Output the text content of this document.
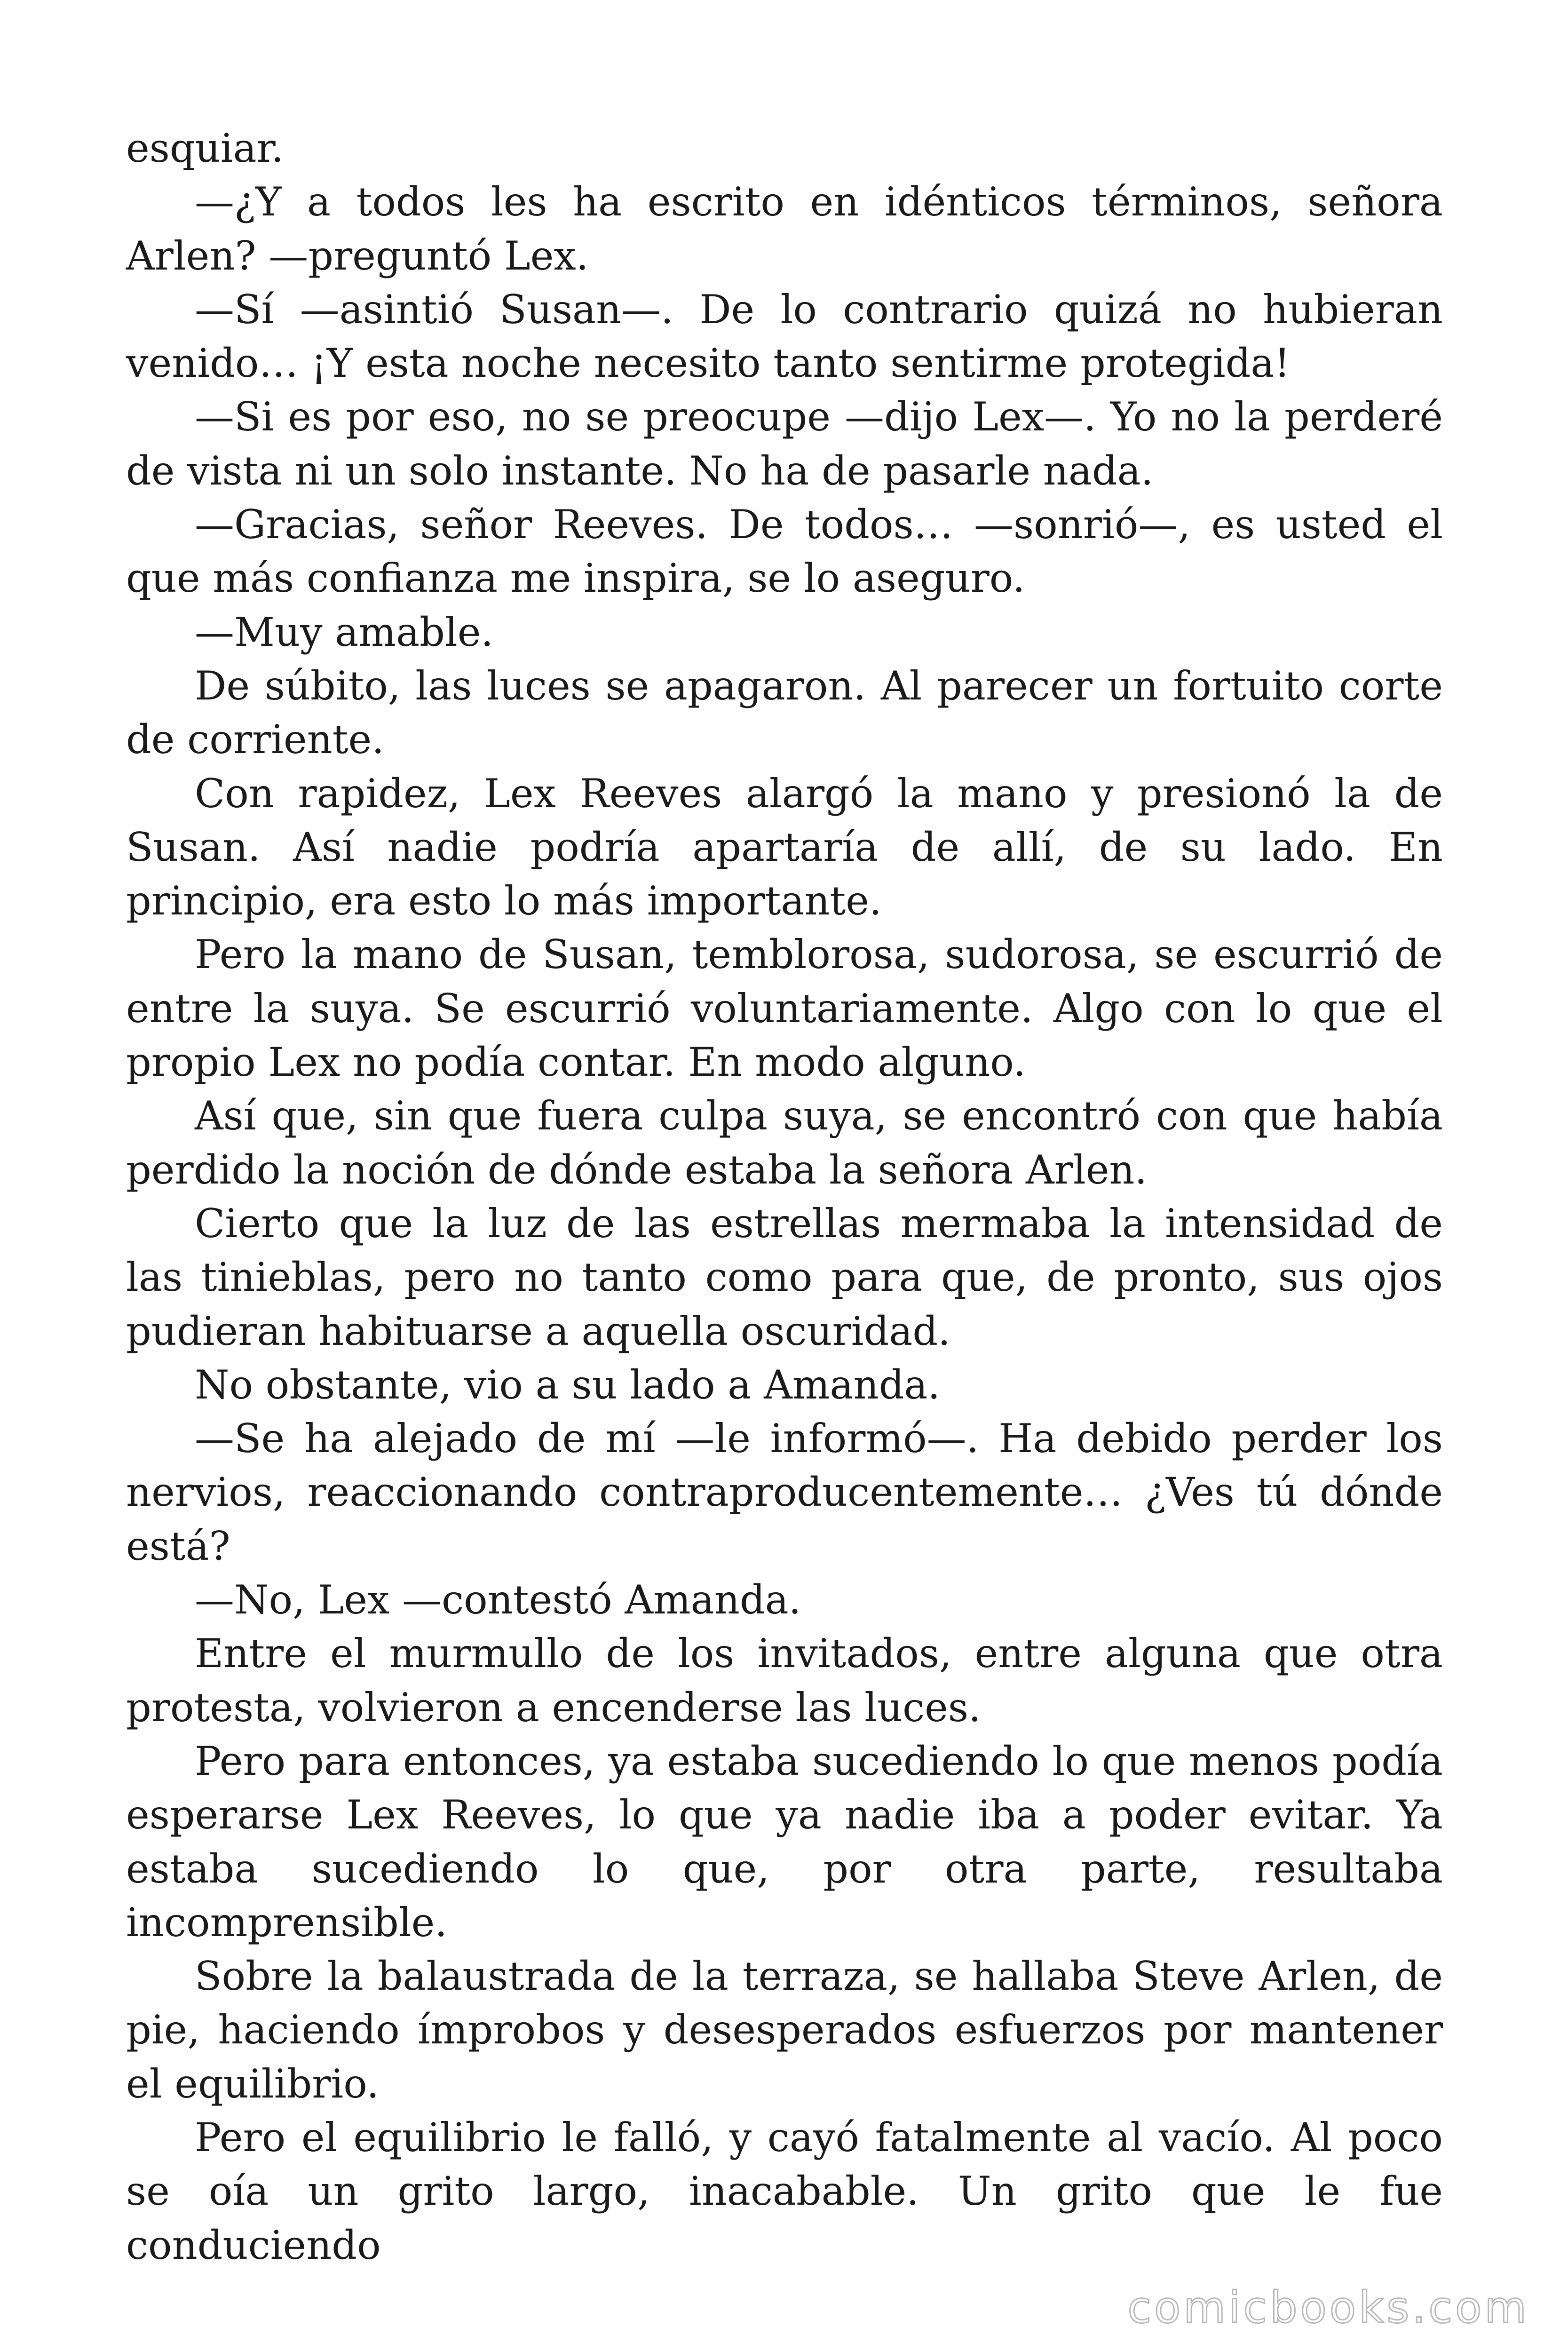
esquiar.

—¿Y a todos les ha escrito en idénticos términos, señora Arlen? —preguntó Lex.

—Sí —asintió Susan—. De lo contrario quizá no hubieran venido… ¡Y esta noche necesito tanto sentirme protegida!

—Si es por eso, no se preocupe —dijo Lex—. Yo no la perderé de vista ni un solo instante. No ha de pasarle nada.

—Gracias, señor Reeves. De todos… —sonrió—, es usted el que más confianza me inspira, se lo aseguro.

—Muy amable.

De súbito, las luces se apagaron. Al parecer un fortuito corte de corriente.

Con rapidez, Lex Reeves alargó la mano y presionó la de Susan. Así nadie podría apartaría de allí, de su lado. En principio, era esto lo más importante.

Pero la mano de Susan, temblorosa, sudorosa, se escurrió de entre la suya. Se escurrió voluntariamente. Algo con lo que el propio Lex no podía contar. En modo alguno.

Así que, sin que fuera culpa suya, se encontró con que había perdido la noción de dónde estaba la señora Arlen.

Cierto que la luz de las estrellas mermaba la intensidad de las tinieblas, pero no tanto como para que, de pronto, sus ojos pudieran habituarse a aquella oscuridad.

No obstante, vio a su lado a Amanda.

—Se ha alejado de mí —le informó—. Ha debido perder los nervios, reaccionando contraproducentemente… ¿Ves tú dónde está?

—No, Lex —contestó Amanda.

Entre el murmullo de los invitados, entre alguna que otra protesta, volvieron a encenderse las luces.

Pero para entonces, ya estaba sucediendo lo que menos podía esperarse Lex Reeves, lo que ya nadie iba a poder evitar. Ya estaba sucediendo lo que, por otra parte, resultaba incomprensible.

Sobre la balaustrada de la terraza, se hallaba Steve Arlen, de pie, haciendo ímprobos y desesperados esfuerzos por mantener el equilibrio.

Pero el equilibrio le falló, y cayó fatalmente al vacío. Al poco se oía un grito largo, inacabable. Un grito que le fue conduciendo

comicbooks.com
